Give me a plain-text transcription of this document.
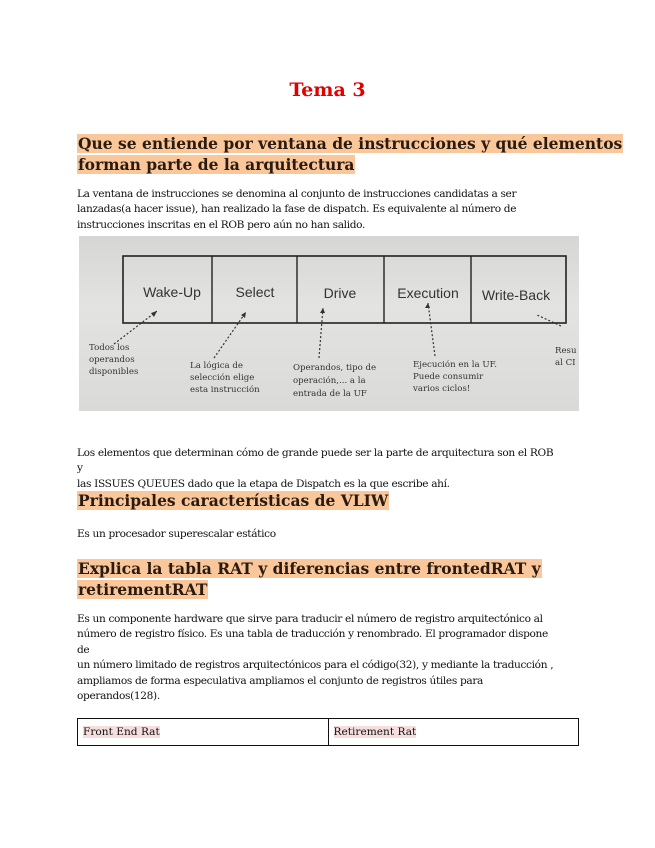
Tema 3
Que se entiende por ventana de instrucciones y qué elementos
forman parte de la arquitectura
La ventana de instrucciones se denomina al conjunto de instrucciones candidatas a ser
lanzadas(a hacer issue), han realizado la fase de dispatch. Es equivalente al número de
instrucciones inscritas en el ROB pero aún no han salido.
Wake-Up Select	Drive	Execution Write-Back
Todos los
operandos
disponibles
La lógica de
selección elige
esta instrucción
Operandos, tipo de
operación,... a la
entrada de la UF
Ejecución en la UF.
Puede consumir
varios ciclos!
Resu
al CI
Los elementos que determinan cómo de grande puede ser la parte de arquitectura son el ROB y
las ISSUES QUEUES dado que la etapa de Dispatch es la que escribe ahí.
Principales características de VLIW
Es un procesador superescalar estático
Explica la tabla RAT y diferencias entre frontedRAT y
retirementRAT
Es un componente hardware que sirve para traducir el número de registro arquitectónico al
número de registro físico. Es una tabla de traducción y renombrado. El programador dispone de
un número limitado de registros arquitectónicos para el código(32), y mediante la traducción ,
ampliamos de forma especulativa ampliamos el conjunto de registros útiles para
operandos(128).
Front End Rat	Retirement Rat
